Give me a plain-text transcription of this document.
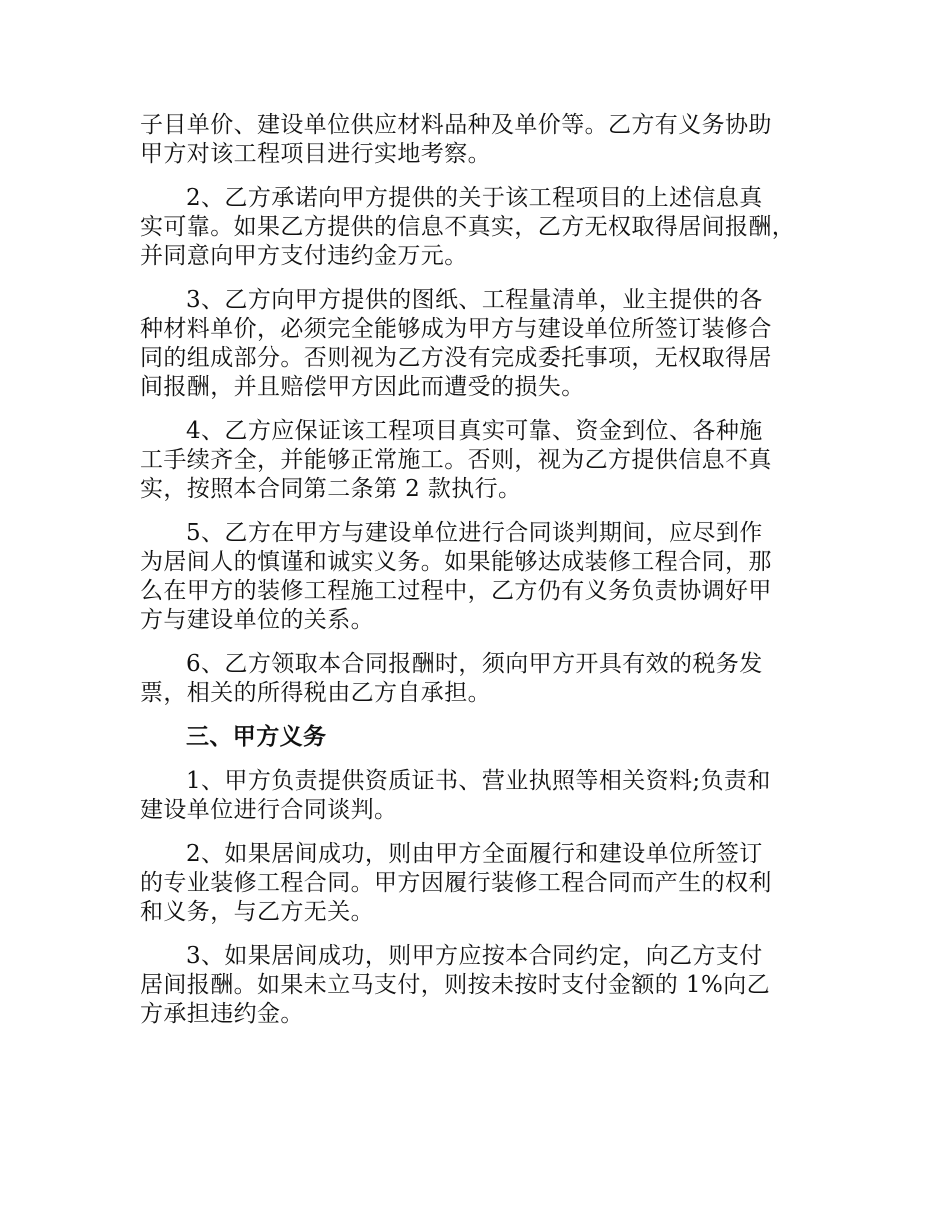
子目单价、建设单位供应材料品种及单价等。乙方有义务协助
甲方对该工程项目进行实地考察。

2、乙方承诺向甲方提供的关于该工程项目的上述信息真
实可靠。如果乙方提供的信息不真实，乙方无权取得居间报酬，
并同意向甲方支付违约金万元。

3、乙方向甲方提供的图纸、工程量清单，业主提供的各
种材料单价，必须完全能够成为甲方与建设单位所签订装修合
同的组成部分。否则视为乙方没有完成委托事项，无权取得居
间报酬，并且赔偿甲方因此而遭受的损失。

4、乙方应保证该工程项目真实可靠、资金到位、各种施
工手续齐全，并能够正常施工。否则，视为乙方提供信息不真
实，按照本合同第二条第 2 款执行。

5、乙方在甲方与建设单位进行合同谈判期间，应尽到作
为居间人的慎谨和诚实义务。如果能够达成装修工程合同，那
么在甲方的装修工程施工过程中，乙方仍有义务负责协调好甲
方与建设单位的关系。

6、乙方领取本合同报酬时，须向甲方开具有效的税务发
票，相关的所得税由乙方自承担。

三、甲方义务

1、甲方负责提供资质证书、营业执照等相关资料;负责和
建设单位进行合同谈判。

2、如果居间成功，则由甲方全面履行和建设单位所签订
的专业装修工程合同。甲方因履行装修工程合同而产生的权利
和义务，与乙方无关。

3、如果居间成功，则甲方应按本合同约定，向乙方支付
居间报酬。如果未立马支付，则按未按时支付金额的 1%向乙
方承担违约金。
